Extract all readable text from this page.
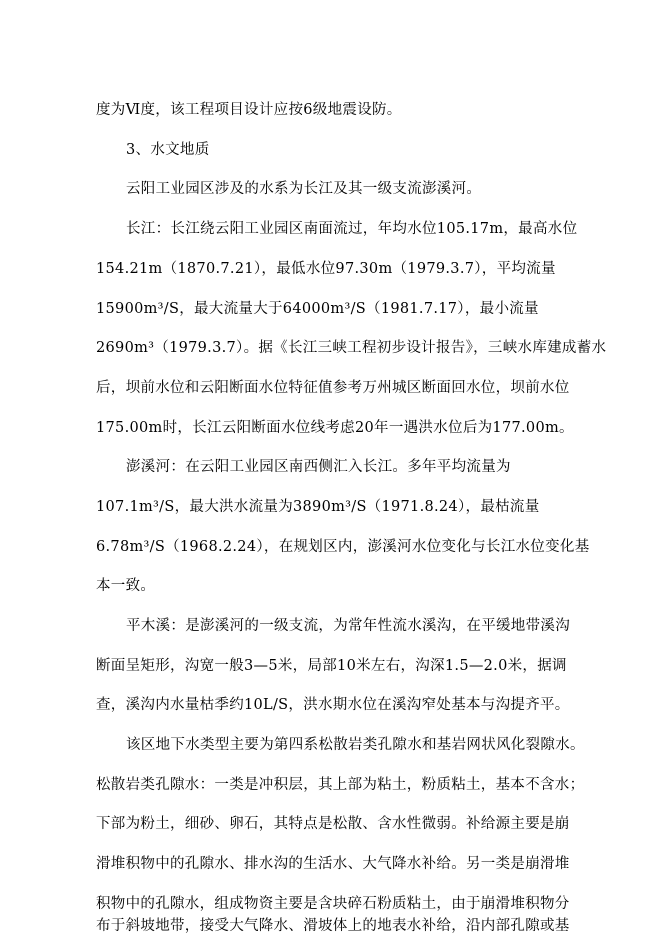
度为Ⅵ度，该工程项目设计应按6级地震设防。
3、水文地质
云阳工业园区涉及的水系为长江及其一级支流澎溪河。
长江：长江绕云阳工业园区南面流过，年均水位105.17m，最高水位
154.21m（1870.7.21），最低水位97.30m（1979.3.7），平均流量
15900m³/S，最大流量大于64000m³/S（1981.7.17），最小流量
2690m³（1979.3.7）。据《长江三峡工程初步设计报告》，三峡水库建成蓄水
后，坝前水位和云阳断面水位特征值参考万州城区断面回水位，坝前水位
175.00m时，长江云阳断面水位线考虑20年一遇洪水位后为177.00m。
澎溪河：在云阳工业园区南西侧汇入长江。多年平均流量为
107.1m³/S，最大洪水流量为3890m³/S（1971.8.24），最枯流量
6.78m³/S（1968.2.24），在规划区内，澎溪河水位变化与长江水位变化基
本一致。
平木溪：是澎溪河的一级支流，为常年性流水溪沟，在平缓地带溪沟
断面呈矩形，沟宽一般3—5米，局部10米左右，沟深1.5—2.0米，据调
查，溪沟内水量枯季约10L/S，洪水期水位在溪沟窄处基本与沟提齐平。
该区地下水类型主要为第四系松散岩类孔隙水和基岩网状风化裂隙水。
松散岩类孔隙水：一类是冲积层，其上部为粘土，粉质粘土，基本不含水；
下部为粉土，细砂、卵石，其特点是松散、含水性微弱。补给源主要是崩
滑堆积物中的孔隙水、排水沟的生活水、大气降水补给。另一类是崩滑堆
积物中的孔隙水，组成物资主要是含块碎石粉质粘土，由于崩滑堆积物分
布于斜坡地带，接受大气降水、滑坡体上的地表水补给，沿内部孔隙或基
